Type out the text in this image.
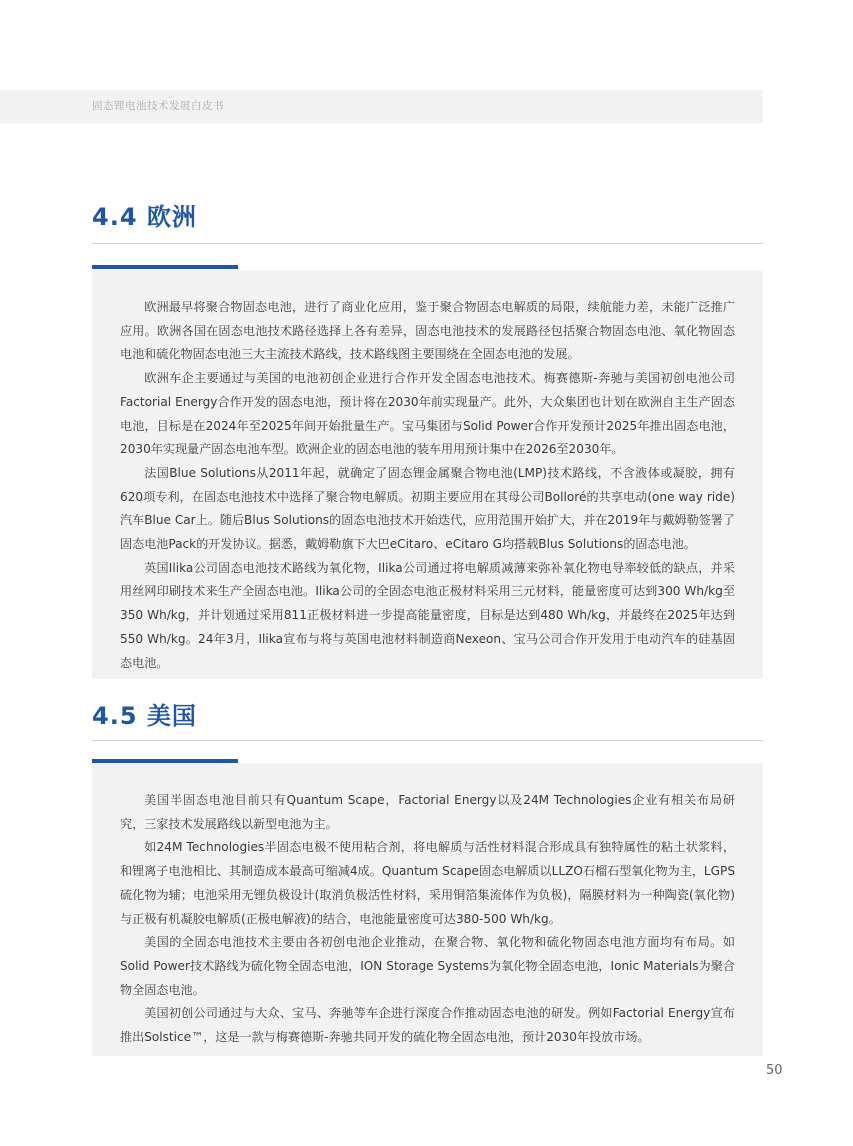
固态锂电池技术发展白皮书
4.4 欧洲

欧洲最早将聚合物固态电池，进行了商业化应用，鉴于聚合物固态电解质的局限，续航能力差，未能广泛推广应用。欧洲各国在固态电池技术路径选择上各有差异，固态电池技术的发展路径包括聚合物固态电池、氧化物固态电池和硫化物固态电池三大主流技术路线，技术路线图主要围绕在全固态电池的发展。

欧洲车企主要通过与美国的电池初创企业进行合作开发全固态电池技术。梅赛德斯-奔驰与美国初创电池公司Factorial Energy合作开发的固态电池，预计将在2030年前实现量产。此外，大众集团也计划在欧洲自主生产固态电池，目标是在2024年至2025年间开始批量生产。宝马集团与Solid Power合作开发预计2025年推出固态电池，2030年实现量产固态电池车型。欧洲企业的固态电池的装车用用预计集中在2026至2030年。

法国Blue Solutions从2011年起，就确定了固态锂金属聚合物电池(LMP)技术路线，不含液体或凝胶，拥有620项专利，在固态电池技术中选择了聚合物电解质。初期主要应用在其母公司Bolloré的共享电动(one way ride)汽车Blue Car上。随后Blus Solutions的固态电池技术开始迭代，应用范围开始扩大，并在2019年与戴姆勒签署了固态电池Pack的开发协议。据悉，戴姆勒旗下大巴eCitaro、eCitaro G均搭载Blus Solutions的固态电池。

英国Ilika公司固态电池技术路线为氧化物，Ilika公司通过将电解质减薄来弥补氧化物电导率较低的缺点，并采用丝网印刷技术来生产全固态电池。Ilika公司的全固态电池正极材料采用三元材料，能量密度可达到300 Wh/kg至350 Wh/kg，并计划通过采用811正极材料进一步提高能量密度，目标是达到480 Wh/kg，并最终在2025年达到550 Wh/kg。24年3月，Ilika宣布与将与英国电池材料制造商Nexeon、宝马公司合作开发用于电动汽车的硅基固态电池。

4.5 美国

美国半固态电池目前只有Quantum Scape，Factorial Energy以及24M Technologies企业有相关布局研究，三家技术发展路线以新型电池为主。

如24M Technologies半固态电极不使用粘合剂，将电解质与活性材料混合形成具有独特属性的粘土状浆料，和锂离子电池相比、其制造成本最高可缩减4成。Quantum Scape固态电解质以LLZO石榴石型氧化物为主，LGPS硫化物为辅；电池采用无锂负极设计(取消负极活性材料，采用铜箔集流体作为负极)，隔膜材料为一种陶瓷(氧化物)与正极有机凝胶电解质(正极电解液)的结合，电池能量密度可达380-500 Wh/kg。

美国的全固态电池技术主要由各初创电池企业推动，在聚合物、氧化物和硫化物固态电池方面均有布局。如Solid Power技术路线为硫化物全固态电池，ION Storage Systems为氧化物全固态电池，Ionic Materials为聚合物全固态电池。

美国初创公司通过与大众、宝马、奔驰等车企进行深度合作推动固态电池的研发。例如Factorial Energy宣布推出Solstice™，这是一款与梅赛德斯-奔驰共同开发的硫化物全固态电池，预计2030年投放市场。

50
